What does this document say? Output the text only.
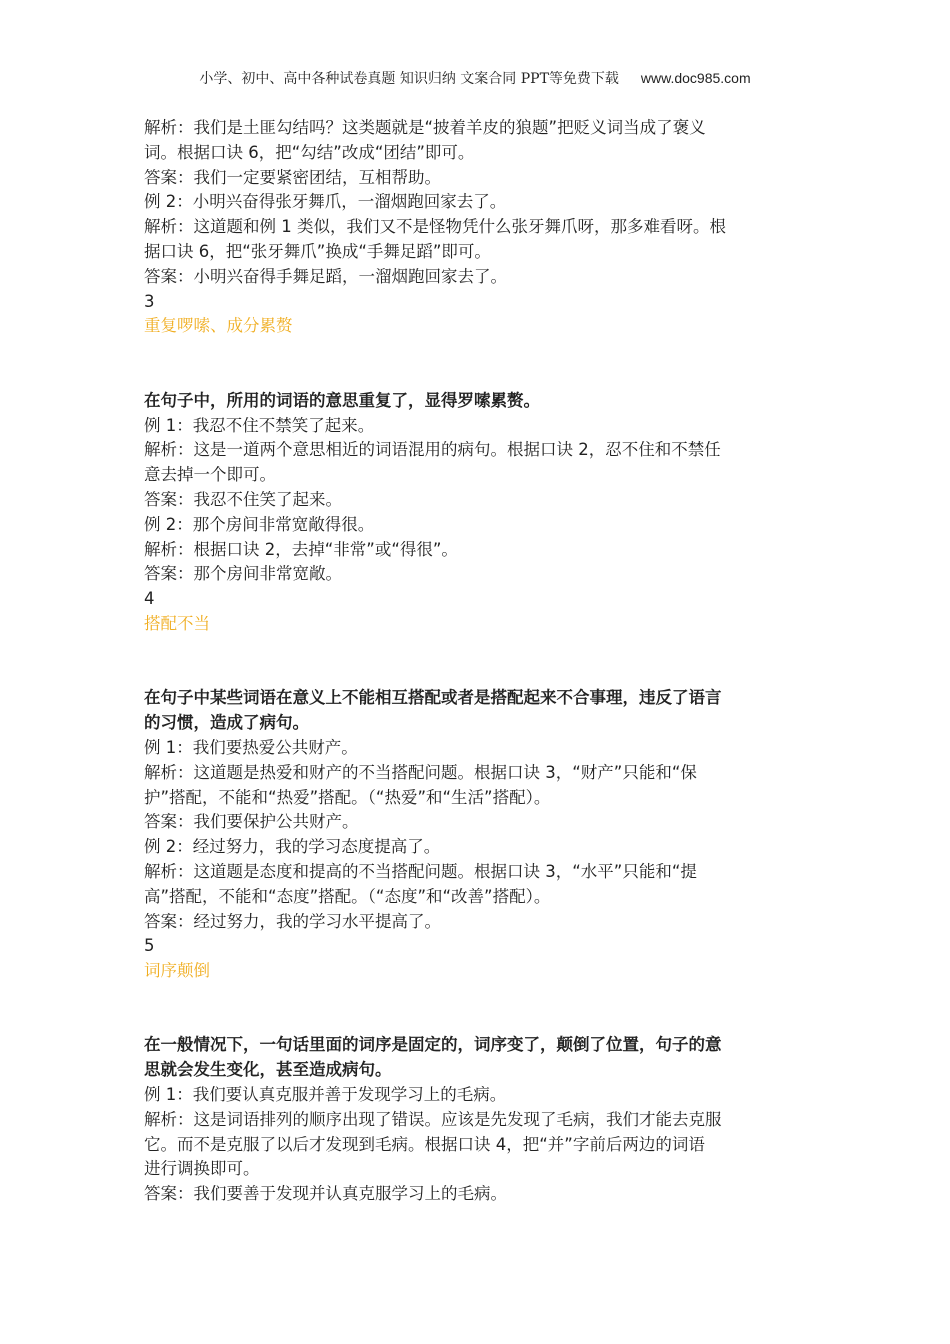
小学、初中、高中各种试卷真题 知识归纳 文案合同 PPT等免费下载 www.doc985.com

解析：我们是土匪勾结吗？这类题就是“披着羊皮的狼题”把贬义词当成了褒义

词。根据口诀 6，把“勾结”改成“团结”即可。

答案：我们一定要紧密团结，互相帮助。

例 2：小明兴奋得张牙舞爪，一溜烟跑回家去了。

解析：这道题和例 1 类似，我们又不是怪物凭什么张牙舞爪呀，那多难看呀。根

据口诀 6，把“张牙舞爪”换成“手舞足蹈”即可。

答案：小明兴奋得手舞足蹈，一溜烟跑回家去了。

3

重复啰嗦、成分累赘

在句子中，所用的词语的意思重复了，显得罗嗦累赘。

例 1：我忍不住不禁笑了起来。

解析：这是一道两个意思相近的词语混用的病句。根据口诀 2，忍不住和不禁任

意去掉一个即可。

答案：我忍不住笑了起来。

例 2：那个房间非常宽敞得很。

解析：根据口诀 2，去掉“非常”或“得很”。

答案：那个房间非常宽敞。

4

搭配不当

在句子中某些词语在意义上不能相互搭配或者是搭配起来不合事理，违反了语言

的习惯，造成了病句。

例 1：我们要热爱公共财产。

解析：这道题是热爱和财产的不当搭配问题。根据口诀 3，“财产”只能和“保

护”搭配，不能和“热爱”搭配。（“热爱”和“生活”搭配）。

答案：我们要保护公共财产。

例 2：经过努力，我的学习态度提高了。

解析：这道题是态度和提高的不当搭配问题。根据口诀 3，“水平”只能和“提

高”搭配，不能和“态度”搭配。（“态度”和“改善”搭配）。

答案：经过努力，我的学习水平提高了。

5

词序颠倒

在一般情况下，一句话里面的词序是固定的，词序变了，颠倒了位置，句子的意

思就会发生变化，甚至造成病句。

例 1：我们要认真克服并善于发现学习上的毛病。

解析：这是词语排列的顺序出现了错误。应该是先发现了毛病，我们才能去克服

它。而不是克服了以后才发现到毛病。根据口诀 4，把“并”字前后两边的词语

进行调换即可。

答案：我们要善于发现并认真克服学习上的毛病。
